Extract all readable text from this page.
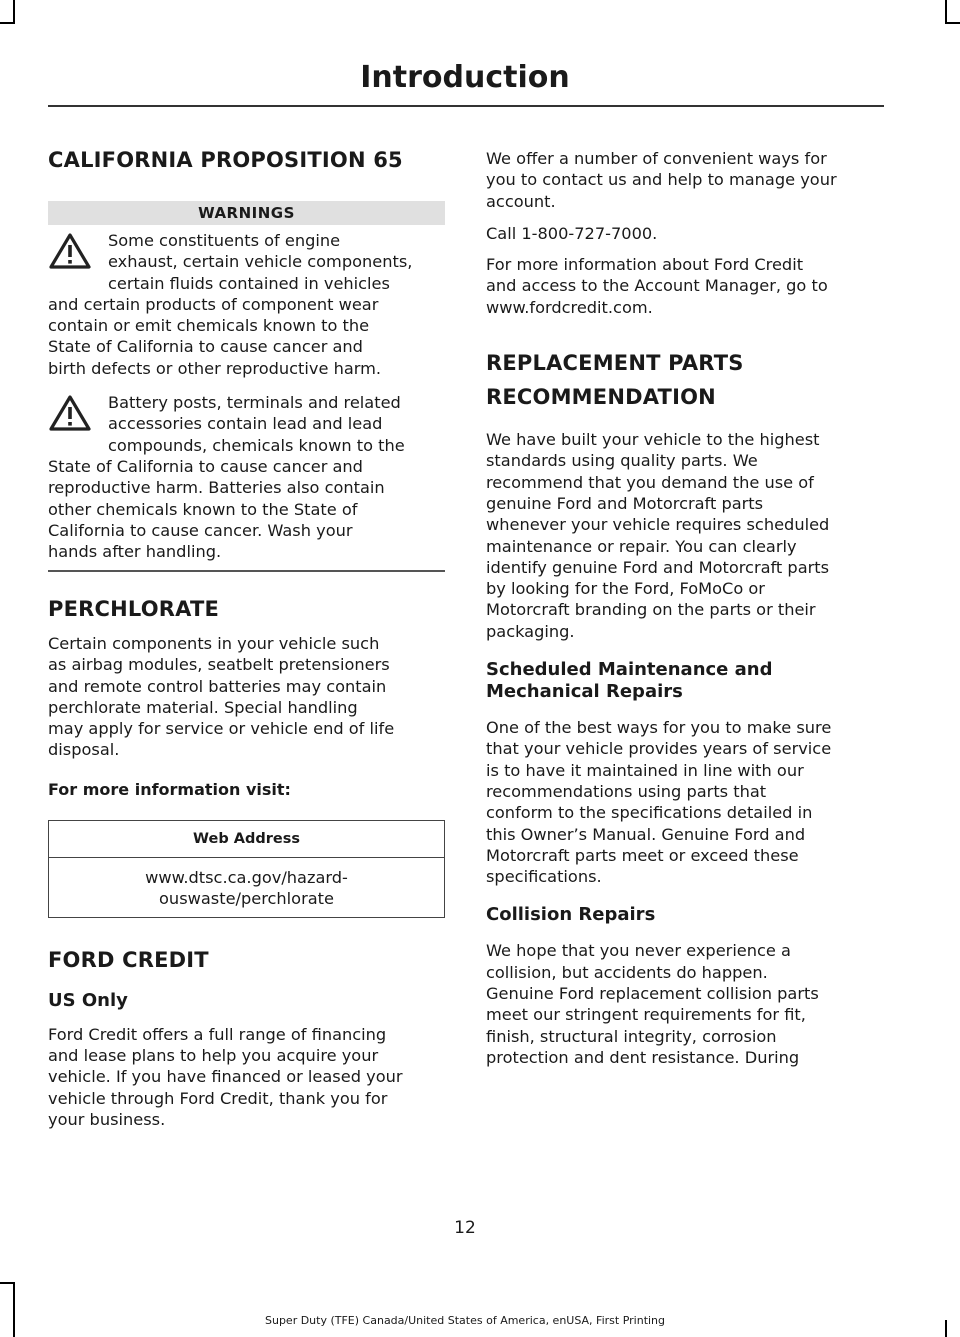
Introduction
CALIFORNIA PROPOSITION 65
WARNINGS

Some constituents of engine

exhaust, certain vehicle components,

certain fluids contained in vehicles

and certain products of component wear

contain or emit chemicals known to the

State of California to cause cancer and

birth defects or other reproductive harm.

Battery posts, terminals and related

accessories contain lead and lead

compounds, chemicals known to the

State of California to cause cancer and

reproductive harm. Batteries also contain

other chemicals known to the State of

California to cause cancer. Wash your

hands after handling.

PERCHLORATE

Certain components in your vehicle such

as airbag modules, seatbelt pretensioners

and remote control batteries may contain

perchlorate material. Special handling

may apply for service or vehicle end of life

disposal.

For more information visit:
Web Address
www.dtsc.ca.gov/hazard-
ouswaste/perchlorate
FORD CREDIT
US Only

Ford Credit offers a full range of financing

and lease plans to help you acquire your

vehicle. If you have financed or leased your

vehicle through Ford Credit, thank you for

your business.

We offer a number of convenient ways for

you to contact us and help to manage your

account.

Call 1-800-727-7000.

For more information about Ford Credit

and access to the Account Manager, go to

www.fordcredit.com.

REPLACEMENT PARTS
RECOMMENDATION

We have built your vehicle to the highest

standards using quality parts. We

recommend that you demand the use of

genuine Ford and Motorcraft parts

whenever your vehicle requires scheduled

maintenance or repair. You can clearly

identify genuine Ford and Motorcraft parts

by looking for the Ford, FoMoCo or

Motorcraft branding on the parts or their

packaging.

Scheduled Maintenance and
Mechanical Repairs

One of the best ways for you to make sure

that your vehicle provides years of service

is to have it maintained in line with our

recommendations using parts that

conform to the specifications detailed in

this Owner’s Manual. Genuine Ford and

Motorcraft parts meet or exceed these

specifications.

Collision Repairs

We hope that you never experience a

collision, but accidents do happen.

Genuine Ford replacement collision parts

meet our stringent requirements for fit,

finish, structural integrity, corrosion

protection and dent resistance. During

12
Super Duty (TFE) Canada/United States of America, enUSA, First Printing
